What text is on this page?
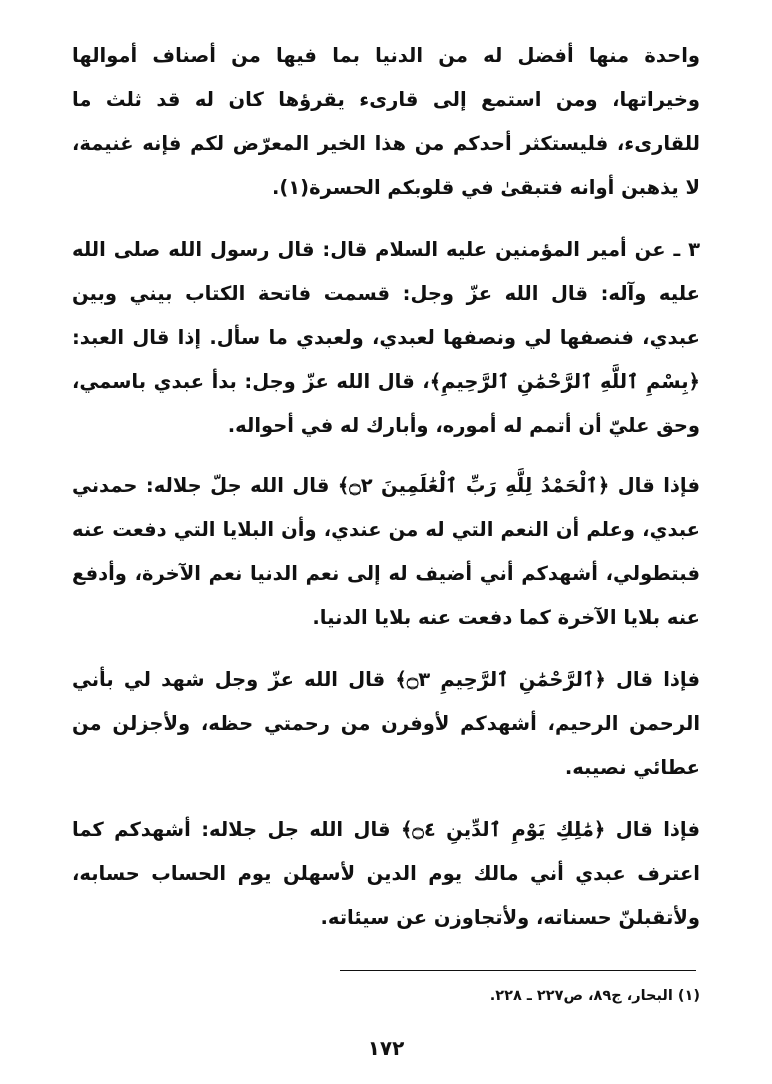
واحدة منها أفضل له من الدنيا بما فيها من أصناف أموالها وخيراتها، ومن استمع إلى قارىء يقرؤها كان له قد ثلث ما للقارىء، فليستكثر أحدكم من هذا الخير المعرّض لكم فإنه غنيمة، لا يذهبن أوانه فتبقىٰ في قلوبكم الحسرة(١).

٣ ـ عن أمير المؤمنين عليه السلام قال: قال رسول الله صلى الله عليه وآله: قال الله عزّ وجل: قسمت فاتحة الكتاب بيني وبين عبدي، فنصفها لي ونصفها لعبدي، ولعبدي ما سأل. إذا قال العبد: ﴿بِسْمِ ٱللَّهِ ٱلرَّحْمَٰنِ ٱلرَّحِيمِ﴾، قال الله عزّ وجل: بدأ عبدي باسمي، وحق عليّ أن أتمم له أموره، وأبارك له في أحواله.

فإذا قال ﴿ٱلْحَمْدُ لِلَّهِ رَبِّ ٱلْعَٰلَمِينَ ۝٢﴾ قال الله جلّ جلاله: حمدني عبدي، وعلم أن النعم التي له من عندي، وأن البلايا التي دفعت عنه فبتطولي، أشهدكم أني أضيف له إلى نعم الدنيا نعم الآخرة، وأدفع عنه بلايا الآخرة كما دفعت عنه بلايا الدنيا.

فإذا قال ﴿ٱلرَّحْمَٰنِ ٱلرَّحِيمِ ۝٣﴾ قال الله عزّ وجل شهد لي بأني الرحمن الرحيم، أشهدكم لأوفرن من رحمتي حظه، ولأجزلن من عطائي نصيبه.

فإذا قال ﴿مَٰلِكِ يَوْمِ ٱلدِّينِ ۝٤﴾ قال الله جل جلاله: أشهدكم كما اعترف عبدي أني مالك يوم الدين لأسهلن يوم الحساب حسابه، ولأتقبلنّ حسناته، ولأتجاوزن عن سيئاته.

(١) البحار، ج٨٩، ص٢٢٧ ـ ٢٢٨.

١٧٢
